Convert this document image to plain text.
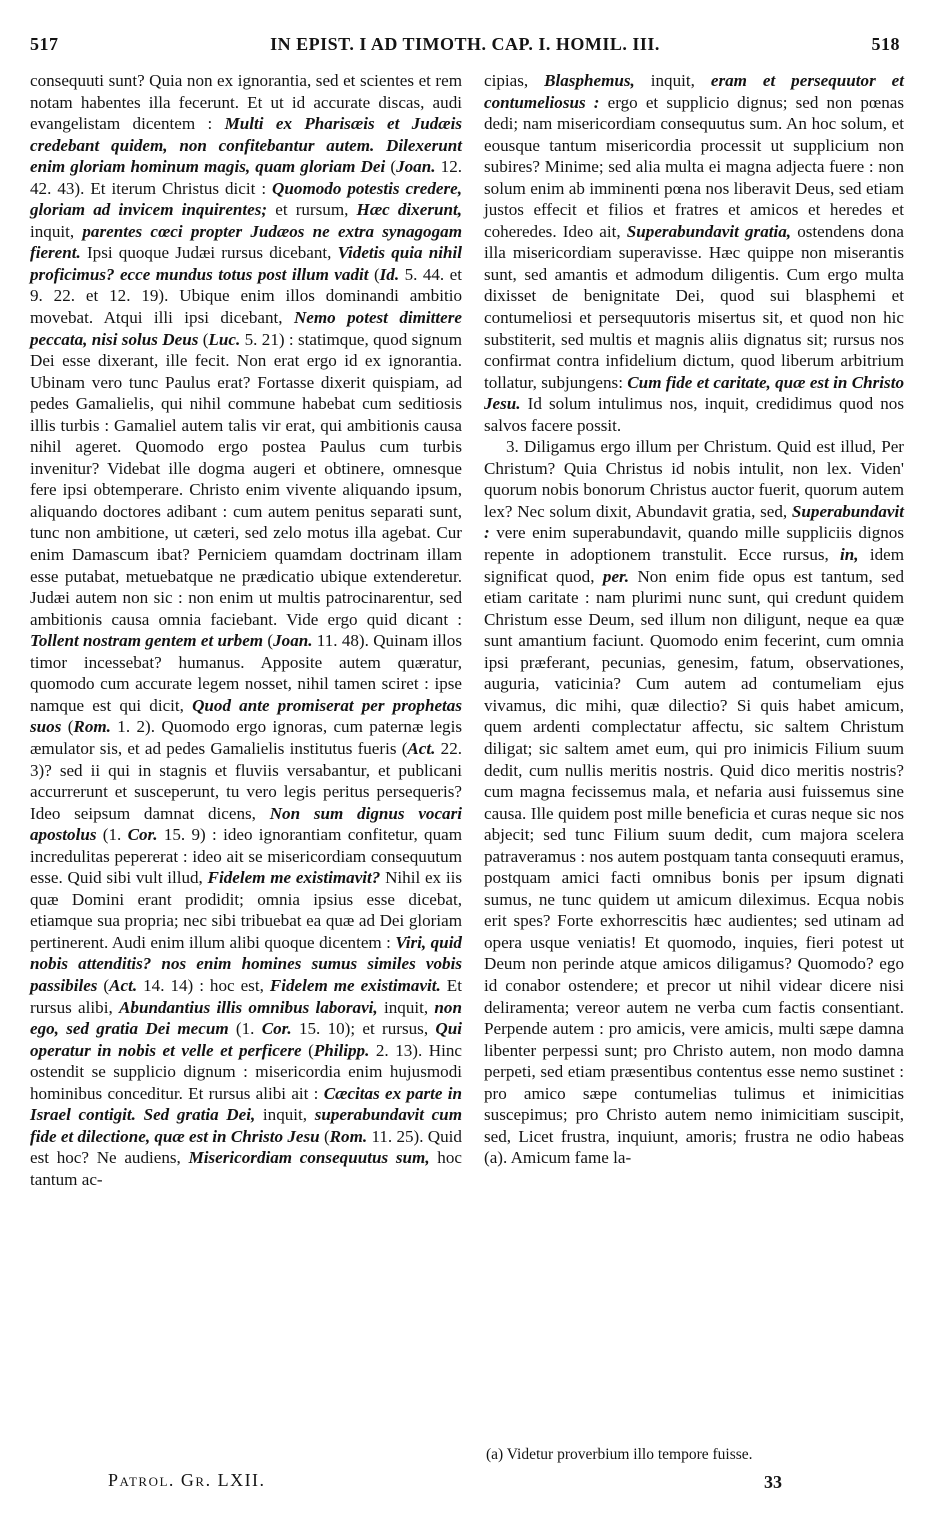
517	IN EPIST. I AD TIMOTH. CAP. I. HOMIL. III.	518

consequuti sunt? Quia non ex ignorantia, sed et scientes et rem notam habentes illa fecerunt. Et ut id accurate discas, audi evangelistam dicentem : Multi ex Pharisæis et Judæis credebant quidem, non confitebantur autem. Dilexerunt enim gloriam hominum magis, quam gloriam Dei (Joan. 12. 42. 43). Et iterum Christus dicit : Quomodo potestis credere, gloriam ad invicem inquirentes; et rursum, Hæc dixerunt, inquit, parentes cœci propter Judæos ne extra synagogam fierent. Ipsi quoque Judæi rursus dicebant, Videtis quia nihil proficimus? ecce mundus totus post illum vadit (Id. 5. 44. et 9. 22. et 12. 19). Ubique enim illos dominandi ambitio movebat. Atqui illi ipsi dicebant, Nemo potest dimittere peccata, nisi solus Deus (Luc. 5. 21) : statimque, quod signum Dei esse dixerant, ille fecit. Non erat ergo id ex ignorantia. Ubinam vero tunc Paulus erat? Fortasse dixerit quispiam, ad pedes Gamalielis, qui nihil commune habebat cum seditiosis illis turbis : Gamaliel autem talis vir erat, qui ambitionis causa nihil ageret. Quomodo ergo postea Paulus cum turbis invenitur? Videbat ille dogma augeri et obtinere, omnesque fere ipsi obtemperare. Christo enim vivente aliquando ipsum, aliquando doctores adibant : cum autem penitus separati sunt, tunc non ambitione, ut cæteri, sed zelo motus illa agebat. Cur enim Damascum ibat? Perniciem quamdam doctrinam illam esse putabat, metuebatque ne prædicatio ubique extenderetur. Judæi autem non sic : non enim ut multis patrocinarentur, sed ambitionis causa omnia faciebant. Vide ergo quid dicant : Tollent nostram gentem et urbem (Joan. 11. 48). Quinam illos timor incessebat? humanus. Apposite autem quæratur, quomodo cum accurate legem nosset, nihil tamen sciret : ipse namque est qui dicit, Quod ante promiserat per prophetas suos (Rom. 1. 2). Quomodo ergo ignoras, cum paternæ legis æmulator sis, et ad pedes Gamalielis institutus fueris (Act. 22. 3)? sed ii qui in stagnis et fluviis versabantur, et publicani accurrerunt et susceperunt, tu vero legis peritus persequeris? Ideo seipsum damnat dicens, Non sum dignus vocari apostolus (1. Cor. 15. 9) : ideo ignorantiam confitetur, quam incredulitas pepererat : ideo ait se misericordiam consequutum esse. Quid sibi vult illud, Fidelem me existimavit? Nihil ex iis quæ Domini erant prodidit; omnia ipsius esse dicebat, etiamque sua propria; nec sibi tribuebat ea quæ ad Dei gloriam pertinerent. Audi enim illum alibi quoque dicentem : Viri, quid nobis attenditis? nos enim homines sumus similes vobis passibiles (Act. 14. 14) : hoc est, Fidelem me existimavit. Et rursus alibi, Abundantius illis omnibus laboravi, inquit, non ego, sed gratia Dei mecum (1. Cor. 15. 10); et rursus, Qui operatur in nobis et velle et perficere (Philipp. 2. 13). Hinc ostendit se supplicio dignum : misericordia enim hujusmodi hominibus conceditur. Et rursus alibi ait : Cæcitas ex parte in Israel contigit. Sed gratia Dei, inquit, superabundavit cum fide et dilectione, quæ est in Christo Jesu (Rom. 11. 25). Quid est hoc? Ne audiens, Misericordiam consequutus sum, hoc tantum ac-

cipias, Blasphemus, inquit, eram et persequutor et contumeliosus : ergo et supplicio dignus; sed non pœnas dedi; nam misericordiam consequutus sum. An hoc solum, et eousque tantum misericordia processit ut supplicium non subires? Minime; sed alia multa ei magna adjecta fuere : non solum enim ab imminenti pœna nos liberavit Deus, sed etiam justos effecit et filios et fratres et amicos et heredes et coheredes. Ideo ait, Superabundavit gratia, ostendens dona illa misericordiam superavisse. Hæc quippe non miserantis sunt, sed amantis et admodum diligentis. Cum ergo multa dixisset de benignitate Dei, quod sui blasphemi et contumeliosi et persequutoris misertus sit, et quod non hic substiterit, sed multis et magnis aliis dignatus sit; rursus nos confirmat contra infidelium dictum, quod liberum arbitrium tollatur, subjungens: Cum fide et caritate, quæ est in Christo Jesu. Id solum intulimus nos, inquit, credidimus quod nos salvos facere possit.

3. Diligamus ergo illum per Christum. Quid est illud, Per Christum? Quia Christus id nobis intulit, non lex. Viden' quorum nobis bonorum Christus auctor fuerit, quorum autem lex? Nec solum dixit, Abundavit gratia, sed, Superabundavit : vere enim superabundavit, quando mille suppliciis dignos repente in adoptionem transtulit. Ecce rursus, in, idem significat quod, per. Non enim fide opus est tantum, sed etiam caritate : nam plurimi nunc sunt, qui credunt quidem Christum esse Deum, sed illum non diligunt, neque ea quæ sunt amantium faciunt. Quomodo enim fecerint, cum omnia ipsi præferant, pecunias, genesim, fatum, observationes, auguria, vaticinia? Cum autem ad contumeliam ejus vivamus, dic mihi, quæ dilectio? Si quis habet amicum, quem ardenti complectatur affectu, sic saltem Christum diligat; sic saltem amet eum, qui pro inimicis Filium suum dedit, cum nullis meritis nostris. Quid dico meritis nostris? cum magna fecissemus mala, et nefaria ausi fuissemus sine causa. Ille quidem post mille beneficia et curas neque sic nos abjecit; sed tunc Filium suum dedit, cum majora scelera patraveramus : nos autem postquam tanta consequuti eramus, postquam amici facti omnibus bonis per ipsum dignati sumus, ne tunc quidem ut amicum dileximus. Ecqua nobis erit spes? Forte exhorrescitis hæc audientes; sed utinam ad opera usque veniatis! Et quomodo, inquies, fieri potest ut Deum non perinde atque amicos diligamus? Quomodo? ego id conabor ostendere; et precor ut nihil videar dicere nisi deliramenta; vereor autem ne verba cum factis consentiant. Perpende autem : pro amicis, vere amicis, multi sæpe damna libenter perpessi sunt; pro Christo autem, non modo damna perpeti, sed etiam præsentibus contentus esse nemo sustinet : pro amico sæpe contumelias tulimus et inimicitias suscepimus; pro Christo autem nemo inimicitiam suscipit, sed, Licet frustra, inquiunt, amoris; frustra ne odio habeas (a). Amicum fame la-

(a) Videtur proverbium illo tempore fuisse.
Patrol. Gr. LXII.	33
